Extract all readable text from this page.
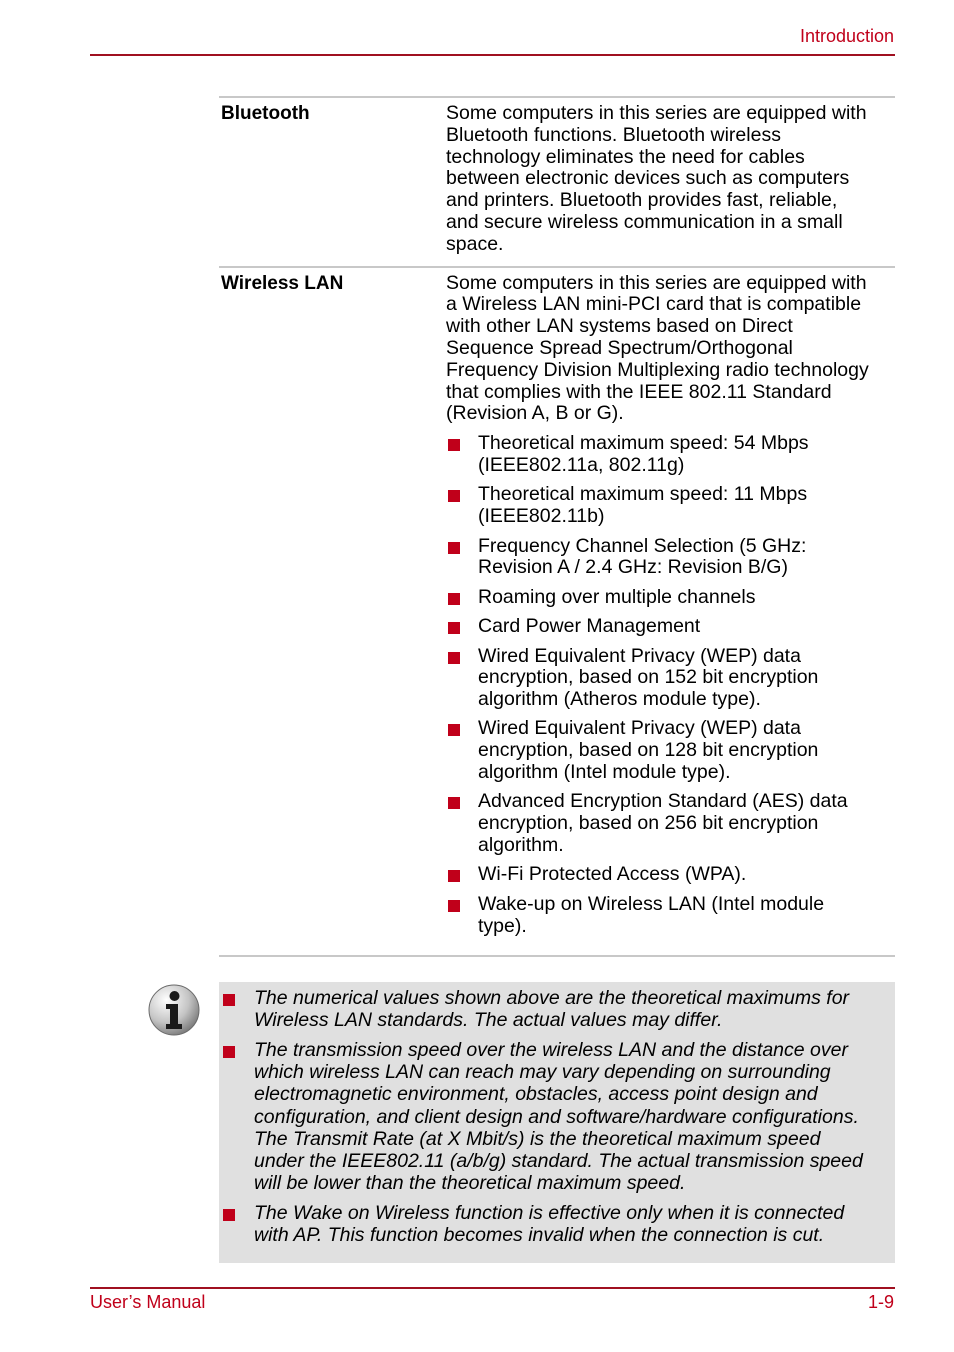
Introduction
Bluetooth	Some computers in this series are equipped with
Bluetooth functions. Bluetooth wireless
technology eliminates the need for cables
between electronic devices such as computers
and printers. Bluetooth provides fast, reliable,
and secure wireless communication in a small
space.
Wireless LAN	Some computers in this series are equipped with
a Wireless LAN mini-PCI card that is compatible
with other LAN systems based on Direct
Sequence Spread Spectrum/Orthogonal
Frequency Division Multiplexing radio technology
that complies with the IEEE 802.11 Standard
(Revision A, B or G).
Theoretical maximum speed: 54 Mbps
(IEEE802.11a, 802.11g)
Theoretical maximum speed: 11 Mbps
(IEEE802.11b)
Frequency Channel Selection (5 GHz:
Revision A / 2.4 GHz: Revision B/G)
Roaming over multiple channels
Card Power Management
Wired Equivalent Privacy (WEP) data
encryption, based on 152 bit encryption
algorithm (Atheros module type).
Wired Equivalent Privacy (WEP) data
encryption, based on 128 bit encryption
algorithm (Intel module type).
Advanced Encryption Standard (AES) data
encryption, based on 256 bit encryption
algorithm.
Wi-Fi Protected Access (WPA).
Wake-up on Wireless LAN (Intel module
type).
The numerical values shown above are the theoretical maximums for
Wireless LAN standards. The actual values may differ.
The transmission speed over the wireless LAN and the distance over
which wireless LAN can reach may vary depending on surrounding
electromagnetic environment, obstacles, access point design and
configuration, and client design and software/hardware configurations.
The Transmit Rate (at X Mbit/s) is the theoretical maximum speed
under the IEEE802.11 (a/b/g) standard. The actual transmission speed
will be lower than the theoretical maximum speed.
The Wake on Wireless function is effective only when it is connected
with AP. This function becomes invalid when the connection is cut.
User’s Manual	1-9
